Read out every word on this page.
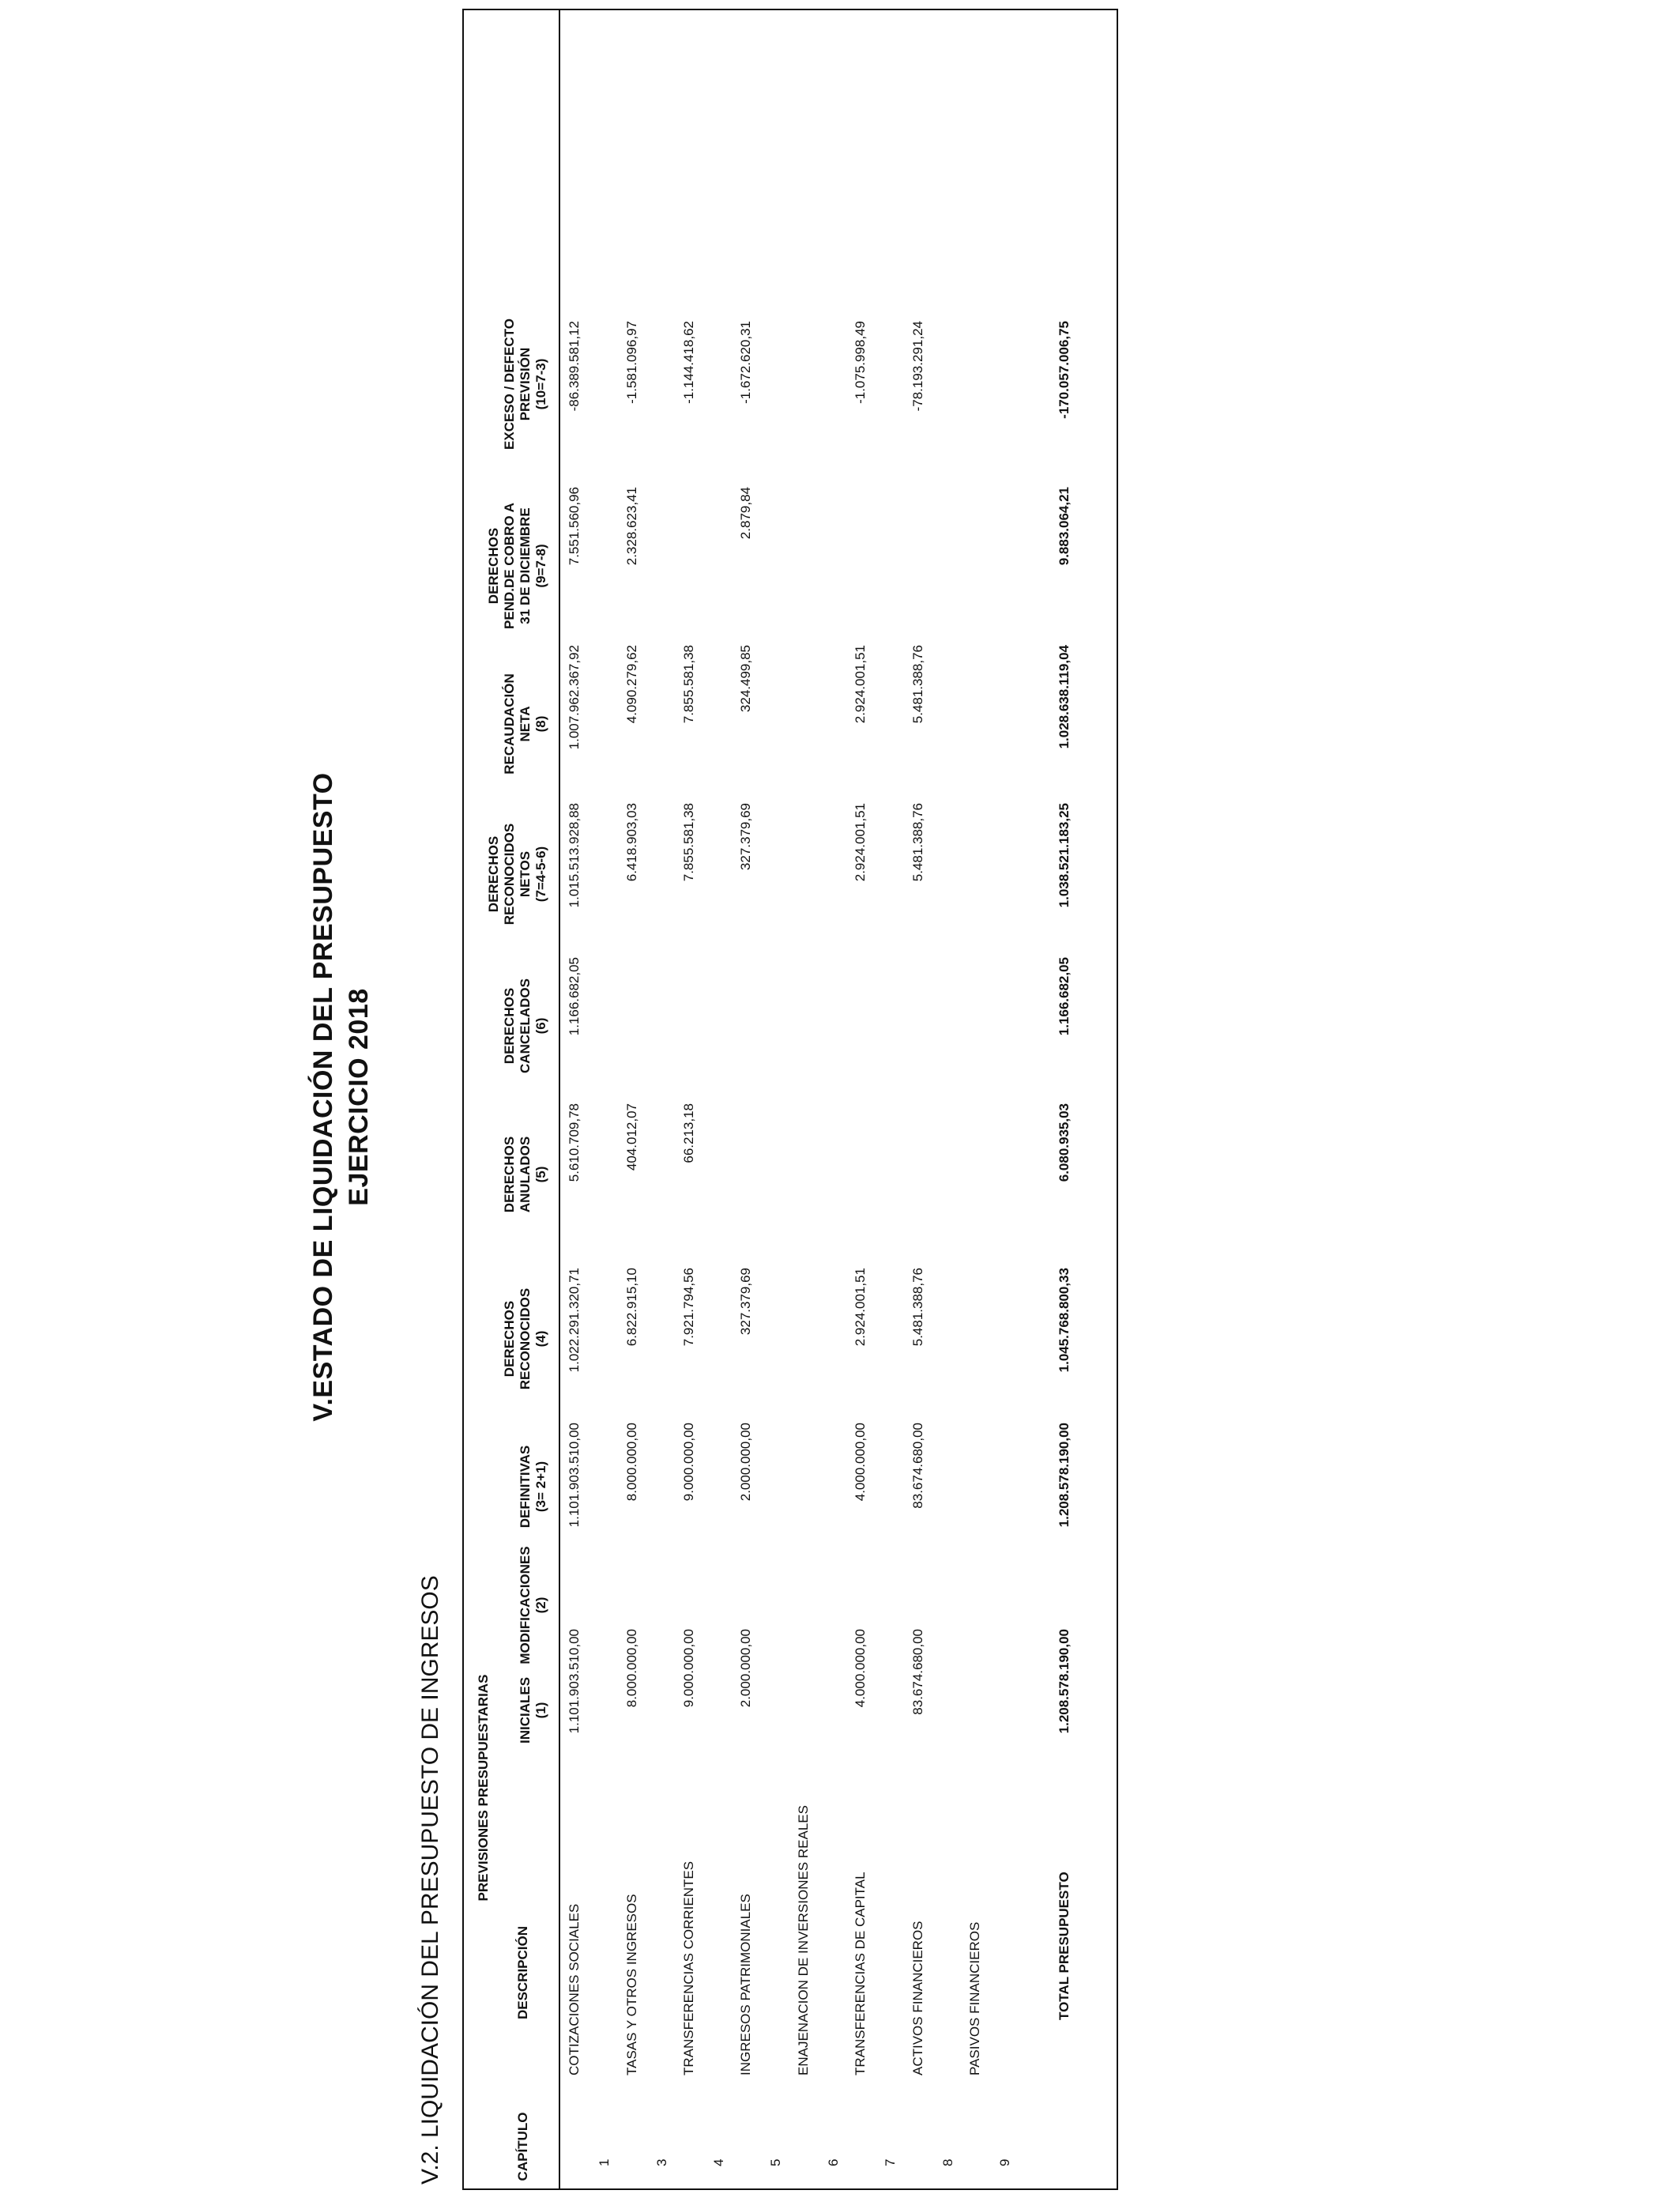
V.ESTADO DE LIQUIDACIÓN DEL PRESUPUESTO EJERCICIO 2018
V.2. LIQUIDACIÓN DEL PRESUPUESTO DE INGRESOS PREVISIONES PRESUPUESTARIAS
CAPÍTULO
DESCRIPCIÓN
INICIALES (1)
MODIFICACIONES (2)
DEFINITIVAS (3= 2+1)
DERECHOS
RECONOCIDOS (4)
DERECHOS
ANULADOS (5)
DERECHOS
CANCELADOS (6)
DERECHOS
RECONOCIDOS
NETOS (7=4-5-6)
RECAUDACIÓN
NETA (8)
DERECHOS
PEND.DE COBRO A
31 DE DICIEMBRE (9=7-8)
EXCESO / DEFECTO
PREVISIÓN (10=7-3)
1
COTIZACIONES SOCIALES
1.101.903.510,00
1.101.903.510,00
1.022.291.320,71
5.610.709,78
1.166.682,05
1.015.513.928,88
1.007.962.367,92
7.551.560,96
-86.389.581,12
3
TASAS Y OTROS INGRESOS
8.000.000,00
8.000.000,00
6.822.915,10
404.012,07
6.418.903,03
4.090.279,62
2.328.623,41
-1.581.096,97
4
TRANSFERENCIAS CORRIENTES
9.000.000,00
9.000.000,00
7.921.794,56
66.213,18
7.855.581,38
7.855.581,38
-1.144.418,62
5
INGRESOS PATRIMONIALES
2.000.000,00
2.000.000,00
327.379,69
327.379,69
324.499,85
2.879,84
-1.672.620,31
6
ENAJENACION DE INVERSIONES REALES
7
TRANSFERENCIAS DE CAPITAL
4.000.000,00
4.000.000,00
2.924.001,51
2.924.001,51
2.924.001,51
-1.075.998,49
8
ACTIVOS FINANCIEROS
83.674.680,00
83.674.680,00
5.481.388,76
5.481.388,76
5.481.388,76
-78.193.291,24
9
PASIVOS FINANCIEROS	TOTAL PRESUPUESTO
1.208.578.190,00
1.208.578.190,00
1.045.768.800,33
6.080.935,03
1.166.682,05
1.038.521.183,25
1.028.638.119,04
9.883.064,21
-170.057.006,75
